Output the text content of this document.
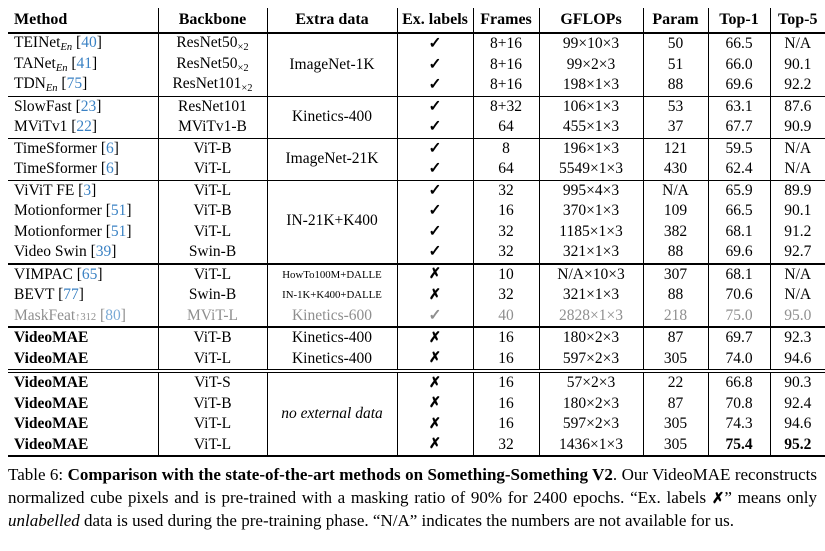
Method	Backbone	Extra data	Ex. labels	Frames	GFLOPs	Param	Top-1	Top-5
TEINetEn [40]	$ResNet50_{\times 2}$	ImageNet-1K	✓	8+16	99×10×3	50	66.5	N/A
TANetEn [41]	$ResNet50_{\times 2}$		✓	8+16	99×2×3	51	66.0	90.1
TDNEn [75]	$ResNet101_{\times 2}$		✓	8+16	198×1×3	88	69.6	92.2
SlowFast [23]	ResNet101	Kinetics-400	✓	8+32	106×1×3	53	63.1	87.6
MViTv1 [22]	MViTv1-B		✓	64	455×1×3	37	67.7	90.9
TimeSformer [6]	ViT-B	ImageNet-21K	✓	8	196×1×3	121	59.5	N/A
TimeSformer [6]	ViT-L		✓	64	5549×1×3	430	62.4	N/A
ViViT FE [3]	ViT-L	IN-21K+K400	✓	32	995×4×3	N/A	65.9	89.9
Motionformer [51]	ViT-B		✓	16	370×1×3	109	66.5	90.1
Motionformer [51]	ViT-L		✓	32	1185×1×3	382	68.1	91.2
Video Swin [39]	Swin-B		✓	32	321×1×3	88	69.6	92.7
VIMPAC [65]	ViT-L	HowTo100M+DALLE	✗	10	N/A×10×3	307	68.1	N/A
BEVT [77]	Swin-B	IN-1K+K400+DALLE	✗	32	321×1×3	88	70.6	N/A
MaskFeat↑312 [80]	MViT-L	Kinetics-600	✓	40	2828×1×3	218	75.0	95.0
VideoMAE	ViT-B	Kinetics-400	✗	16	180×2×3	87	69.7	92.3
VideoMAE	ViT-L	Kinetics-400	✗	16	597×2×3	305	74.0	94.6
VideoMAE	ViT-S	no external data	✗	16	57×2×3	22	66.8	90.3
VideoMAE	ViT-B		✗	16	180×2×3	87	70.8	92.4
VideoMAE	ViT-L		✗	16	597×2×3	305	74.3	94.6
VideoMAE	ViT-L		✗	32	1436×1×3	305	75.4	95.2
Table 6: Comparison with the state-of-the-art methods on Something-Something V2. Our VideoMAE reconstructs normalized cube pixels and is pre-trained with a masking ratio of 90% for 2400 epochs. “Ex. labels ✗” means only unlabelled data is used during the pre-training phase. “N/A” indicates the numbers are not available for us.
